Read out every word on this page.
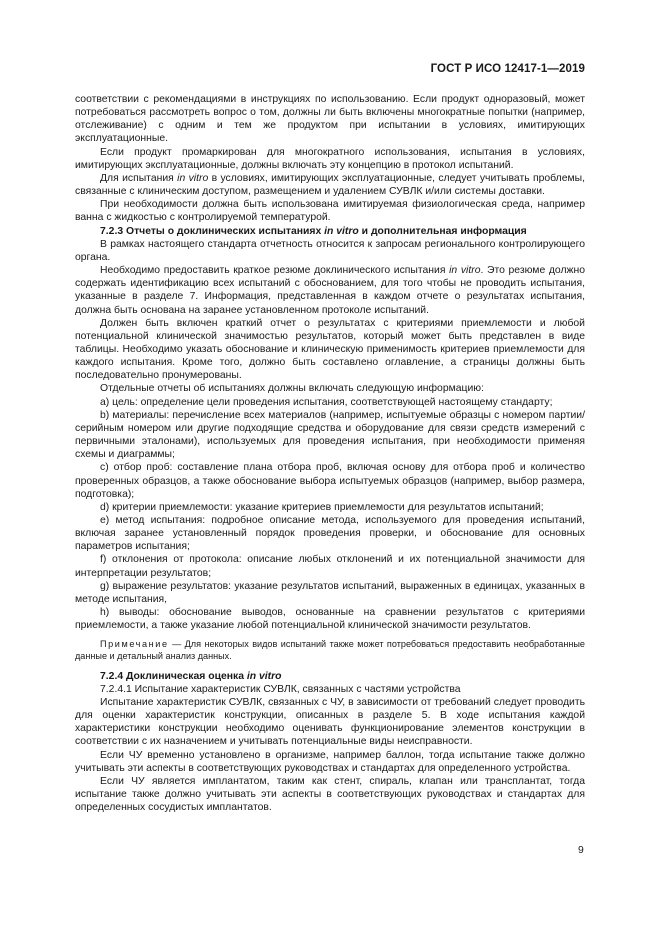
ГОСТ Р ИСО 12417-1—2019

соответствии с рекомендациями в инструкциях по использованию. Если продукт одноразовый, может потребоваться рассмотреть вопрос о том, должны ли быть включены многократные попытки (например, отслеживание) с одним и тем же продуктом при испытании в условиях, имитирующих эксплуатационные.

Если продукт промаркирован для многократного использования, испытания в условиях, имитирующих эксплуатационные, должны включать эту концепцию в протокол испытаний.

Для испытания in vitro в условиях, имитирующих эксплуатационные, следует учитывать проблемы, связанные с клиническим доступом, размещением и удалением СУВЛК и/или системы доставки.

При необходимости должна быть использована имитируемая физиологическая среда, например ванна с жидкостью с контролируемой температурой.

7.2.3 Отчеты о доклинических испытаниях in vitro и дополнительная информация

В рамках настоящего стандарта отчетность относится к запросам регионального контролирующего органа.

Необходимо предоставить краткое резюме доклинического испытания in vitro. Это резюме должно содержать идентификацию всех испытаний с обоснованием, для того чтобы не проводить испытания, указанные в разделе 7. Информация, представленная в каждом отчете о результатах испытания, должна быть основана на заранее установленном протоколе испытаний.

Должен быть включен краткий отчет о результатах с критериями приемлемости и любой потенциальной клинической значимостью результатов, который может быть представлен в виде таблицы. Необходимо указать обоснование и клиническую применимость критериев приемлемости для каждого испытания. Кроме того, должно быть составлено оглавление, а страницы должны быть последовательно пронумерованы.

Отдельные отчеты об испытаниях должны включать следующую информацию:

a) цель: определение цели проведения испытания, соответствующей настоящему стандарту;

b) материалы: перечисление всех материалов (например, испытуемые образцы с номером партии/серийным номером или другие подходящие средства и оборудование для связи средств измерений с первичными эталонами), используемых для проведения испытания, при необходимости применяя схемы и диаграммы;

c) отбор проб: составление плана отбора проб, включая основу для отбора проб и количество проверенных образцов, а также обоснование выбора испытуемых образцов (например, выбор размера, подготовка);

d) критерии приемлемости: указание критериев приемлемости для результатов испытаний;

e) метод испытания: подробное описание метода, используемого для проведения испытаний, включая заранее установленный порядок проведения проверки, и обоснование для основных параметров испытания;

f) отклонения от протокола: описание любых отклонений и их потенциальной значимости для интерпретации результатов;

g) выражение результатов: указание результатов испытаний, выраженных в единицах, указанных в методе испытания,

h) выводы: обоснование выводов, основанные на сравнении результатов с критериями приемлемости, а также указание любой потенциальной клинической значимости результатов.

Примечание — Для некоторых видов испытаний также может потребоваться предоставить необработанные данные и детальный анализ данных.

7.2.4 Доклиническая оценка in vitro

7.2.4.1 Испытание характеристик СУВЛК, связанных с частями устройства

Испытание характеристик СУВЛК, связанных с ЧУ, в зависимости от требований следует проводить для оценки характеристик конструкции, описанных в разделе 5. В ходе испытания каждой характеристики конструкции необходимо оценивать функционирование элементов конструкции в соответствии с их назначением и учитывать потенциальные виды неисправности.

Если ЧУ временно установлено в организме, например баллон, тогда испытание также должно учитывать эти аспекты в соответствующих руководствах и стандартах для определенного устройства.

Если ЧУ является имплантатом, таким как стент, спираль, клапан или трансплантат, тогда испытание также должно учитывать эти аспекты в соответствующих руководствах и стандартах для определенных сосудистых имплантатов.

9
